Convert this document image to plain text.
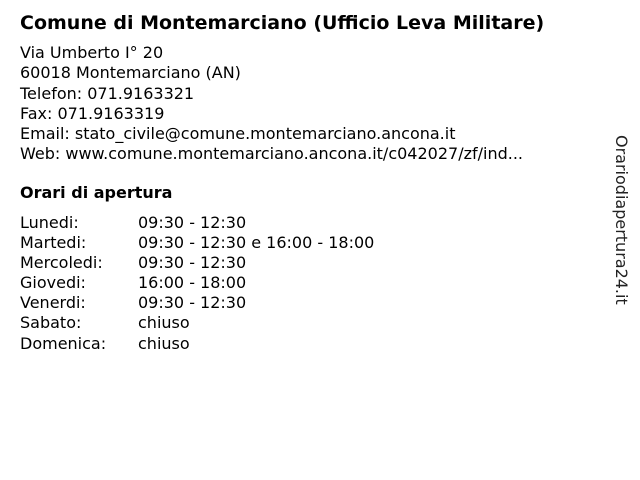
Comune di Montemarciano (Ufficio Leva Militare)
Via Umberto I° 20
60018 Montemarciano (AN)
Telefon: 071.9163321
Fax: 071.9163319
Email: stato_civile@comune.montemarciano.ancona.it
Web: www.comune.montemarciano.ancona.it/c042027/zf/ind...
Orari di apertura
Lunedi:	09:30 - 12:30
Martedi:	09:30 - 12:30 e 16:00 - 18:00
Mercoledi: 09:30 - 12:30
Giovedi:	16:00 - 18:00
Venerdi:	09:30 - 12:30
Sabato:	chiuso
Domenica: chiuso
Orariodiapertura24.it
